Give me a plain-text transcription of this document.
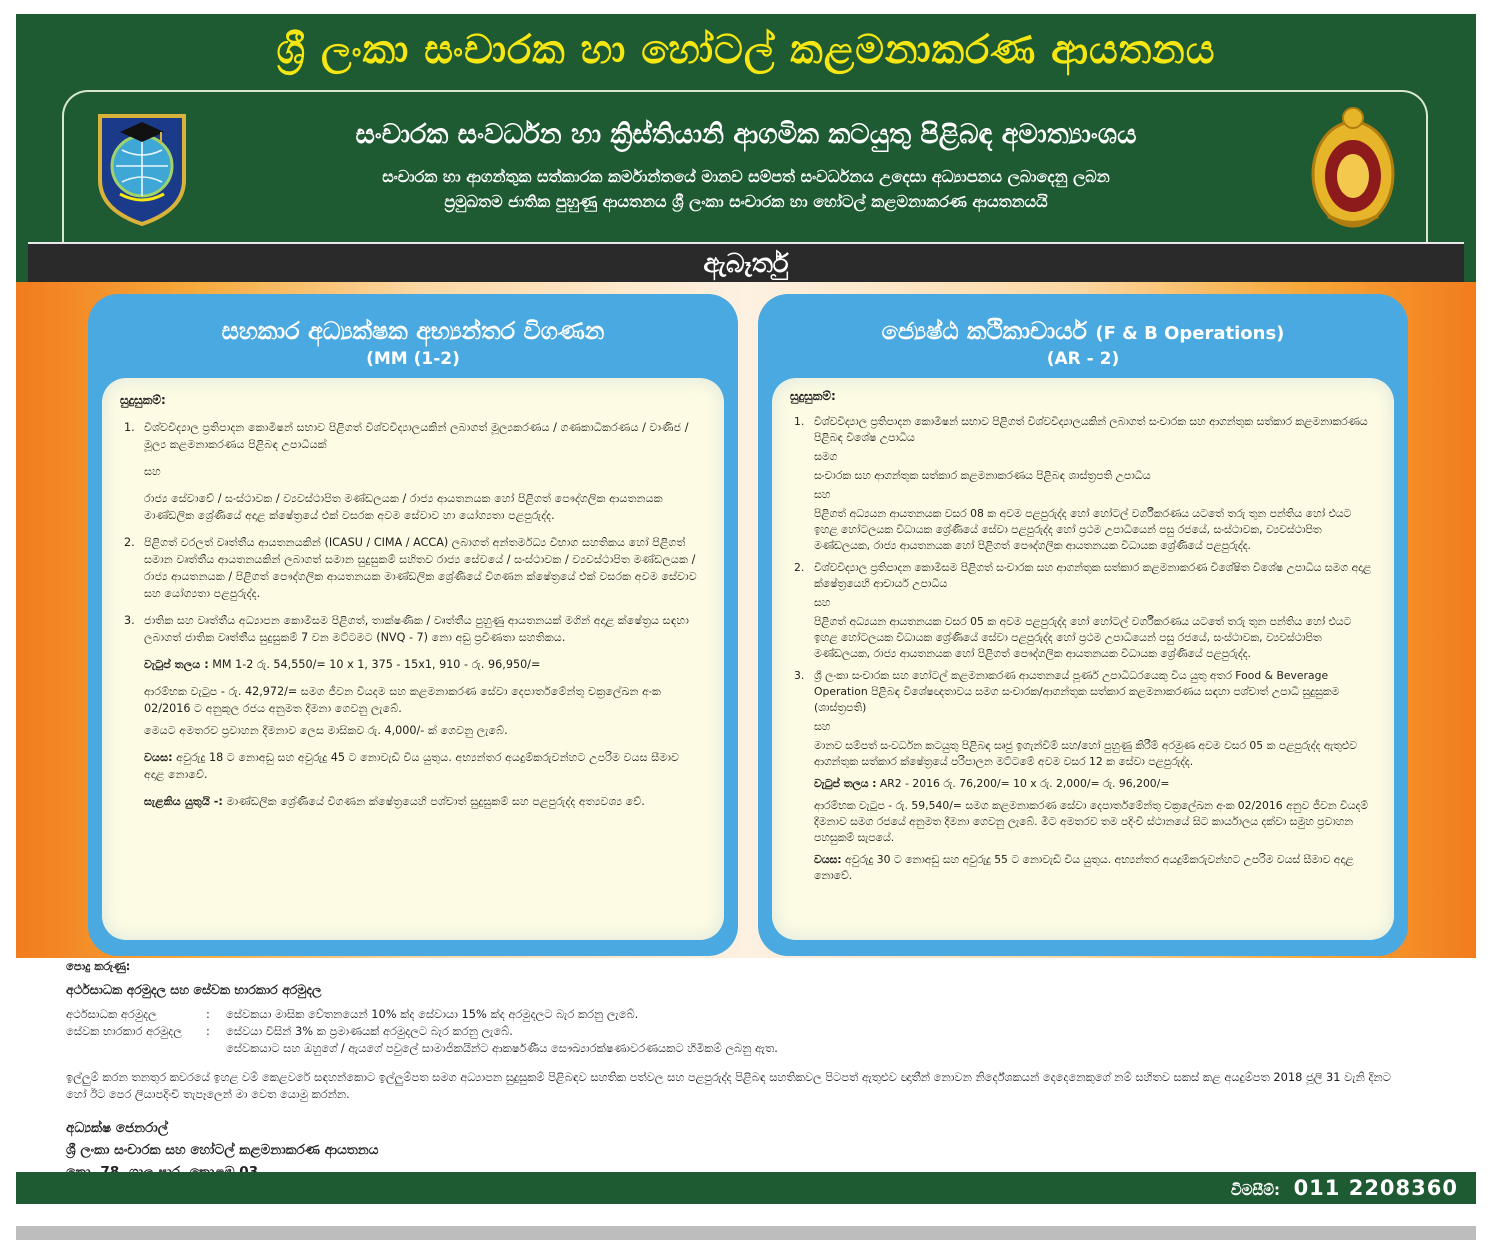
ශ්‍රී ලංකා සංචාරක හා හෝටල් කළමනාකරණ ආයතනය
සංචාරක සංවර්ධන හා ක්‍රිස්තියානි ආගමික කටයුතු පිළිබඳ අමාත්‍යාංශය
සංචාරක හා ආගන්තුක සත්කාරක කර්මාන්තයේ මානව සම්පත් සංවර්ධනය උදෙසා අධ්‍යාපනය ලබාදෙනු ලබන
ප්‍රමුඛතම ජාතික පුහුණු ආයතනය ශ්‍රී ලංකා සංචාරක හා හෝටල් කළමනාකරණ ආයතනයයි
ඇබෑර්තු
සහකාර අධ්‍යක්ෂක අභ්‍යන්තර විගණන
(MM (1-2)
සුදුසුකම්:
1. විශ්වවිද්‍යාල ප්‍රතිපාදන කොමිෂන් සභාව පිළිගත් විශ්වවිද්‍යාලයකින් ලබාගත් මූල්‍යකරණය / ගණකාධිකරණය / වාණිජ / මූල්‍ය කළමනාකරණය පිළිබඳ උපාධියක්

සහ

රාජ්‍ය සේවාවේ / සංස්ථාවක / ව්‍යවස්ථාපිත මණ්ඩලයක / රාජ්‍ය ආයතනයක හෝ පිළිගත් පෞද්ගලික ආයතනයක මාණ්ඩලික ශ්‍රේණියේ අදාළ ක්ෂේත්‍රයේ එක් වසරක අවම සේවාව හා යෝග්‍යතා පළපුරුද්ද.

2. පිළිගත් වරලත් වෘත්තීය ආයතනයකින් (ICASU / CIMA / ACCA) ලබාගත් අන්තර්මධ්‍ය විභාග සහතිකය හෝ පිළිගත් සමාන වෘත්තීය ආයතනයකින් ලබාගත් සමාන සුදුසුකම් සහිතව රාජ්‍ය සේවයේ / සංස්ථාවක / ව්‍යවස්ථාපිත මණ්ඩලයක / රාජ්‍ය ආයතනයක / පිළිගත් පෞද්ගලික ආයතනයක මාණ්ඩලික ශ්‍රේණියේ විගණන ක්ෂේත්‍රයේ එක් වසරක අවම සේවාව සහ යෝග්‍යතා පළපුරුද්ද.

3. ජාතික සහ වෘත්තීය අධ්‍යාපන කොමිසම පිළිගත්, තාක්ෂණික / වෘත්තීය පුහුණු ආයතනයක් මගින් අදාළ ක්ෂේත්‍රය සඳහා ලබාගත් ජාතික වෘත්තීය සුදුසුකම් 7 වන මට්ටමට (NVQ - 7) නො අඩු ප්‍රවීණතා සහතිකය.

වැටුප් තලය : MM 1-2 රු. 54,550/= 10 x 1, 375 - 15x1, 910 - රු. 96,950/=

ආරම්භක වැටුප - රු. 42,972/= සමග ජීවන වියදම සහ කළමනාකරණ සේවා දෙපාර්තමේන්තු චක්‍රලේඛන අංක 02/2016 ට අනුකූල රජය අනුමත දීමනා ගෙවනු ලැබේ.

මෙයට අමතරව ප්‍රවාහන දීමනාව ලෙස මාසිකව රු. 4,000/- ක් ගෙවනු ලැබේ.

වයස: අවුරුදු 18 ට නොඅඩු සහ අවුරුදු 45 ට නොවැඩි විය යුතුය. අභ්‍යන්තර අයදුම්කරුවන්හට උපරිම වයස සීමාව අදාළ නොවේ.
සැළකිය යුතුයි -: මාණ්ඩලික ශ්‍රේණියේ විගණන ක්ෂේත්‍රයෙහි පශ්චාත් සුදුසුකම් සහ පළපුරුද්ද අත්‍යවශ්‍ය වේ.
ජ්‍යෙෂ්ඨ කථිකාචාර්ය (F & B Operations)
(AR - 2)
සුදුසුකම්:
1. විශ්වවිද්‍යාල ප්‍රතිපාදන කොමිෂන් සභාව පිළිගත් විශ්වවිද්‍යාලයකින් ලබාගත් සංචාරක සහ ආගන්තුක සත්කාර කළමනාකරණය පිළිබඳ විශේෂ උපාධිය

සමග

සංචාරක සහ ආගන්තුක සත්කාර කළමනාකරණය පිළිබඳ ශාස්ත්‍රපති උපාධිය

සහ

පිළිගත් අධ්‍යයන ආයතනයක වසර 08 ක අවම පළපුරුද්ද හෝ හෝටල් වර්ගීකරණය යටතේ තරු තුන පන්තිය හෝ එයට ඉහළ හෝටලයක විධායක ශ්‍රේණියේ සේවා පළපුරුද්ද හෝ ප්‍රථම උපාධියෙන් පසු රජයේ, සංස්ථාවක, ව්‍යවස්ථාපිත මණ්ඩලයක, රාජ්‍ය ආයතනයක හෝ පිළිගත් පෞද්ගලික ආයතනයක විධායක ශ්‍රේණියේ පළපුරුද්ද.

2. විශ්වවිද්‍යාල ප්‍රතිපාදන කොමිසම පිළිගත් සංචාරක සහ ආගන්තුක සත්කාර කළමනාකරණ විශේෂිත විශේෂ උපාධිය සමග අදාළ ක්ෂේත්‍රයෙහි ආචාර්ය උපාධිය

සහ

පිළිගත් අධ්‍යයන ආයතනයක වසර 05 ක අවම පළපුරුද්ද හෝ හෝටල් වර්ගීකරණය යටතේ තරු තුන පන්තිය හෝ එයට ඉහළ හෝටලයක විධායක ශ්‍රේණියේ සේවා පළපුරුද්ද හෝ ප්‍රථම උපාධියෙන් පසු රජයේ, සංස්ථාවක, ව්‍යවස්ථාපිත මණ්ඩලයක, රාජ්‍ය ආයතනයක හෝ පිළිගත් පෞද්ගලික ආයතනයක විධායක ශ්‍රේණියේ පළපුරුද්ද.

3. ශ්‍රී ලංකා සංචාරක සහ හෝටල් කළමනාකරණ ආයතනයේ පූර්ණ උපාධිධරයෙකු විය යුතු අතර Food & Beverage Operation පිළිබඳ විශේෂඥතාවය සමග සංචාරක/ආගන්තුක සත්කාර කළමනාකරණය සඳහා පශ්චාත් උපාධි සුදුසුකම (ශාස්ත්‍රපති)

සහ

මානව සම්පත් සංවර්ධන කටයුතු පිළිබඳ සෘජු ඉගැන්වීම් සහ/හෝ පුහුණු කිරීම් අරමුණ අවම වසර 05 ක පළපුරුද්ද ඇතුළුව ආගන්තුක සත්කාර ක්ෂේත්‍රයේ පරිපාලන මට්ටමේ අවම වසර 12 ක සේවා පළපුරුද්ද.

වැටුප් තලය : AR2 - 2016 රු. 76,200/= 10 x රු. 2,000/= රු. 96,200/=

ආරම්භක වැටුප - රු. 59,540/= සමග කළමනාකරණ සේවා දෙපාර්තමේන්තු චක්‍රලේඛන අංක 02/2016 අනුව ජීවන වියදම් දීමනාව සමග රජයේ අනුමත දීමනා ගෙවනු ලැබේ. මීට අමතරව තම පදිංචි ස්ථානයේ සිට කාර්යාලය දක්වා සමුහ ප්‍රවාහන පහසුකම් සැපයේ.

වයස: අවුරුදු 30 ට නොඅඩු සහ අවුරුදු 55 ට නොවැඩි විය යුතුය. අභ්‍යන්තර අයදුම්කරුවන්හට උපරිම වයස් සීමාව අදාළ නොවේ.
පොදු කරුණු:
අර්ථසාධක අරමුදල සහ සේවක භාරකාර අරමුදල
අර්ථසාධක අරමුදල	:	සේවකයා මාසික වේතනයෙන් 10% ක්ද සේවායා 15% ක්ද අරමුදලට බැර කරනු ලැබේ.
සේවක භාරකාර අරමුදල	:	සේවයා විසින් 3% ක ප්‍රමාණයක් අරමුදලට බැර කරනු ලැබේ.
සේවකයාට සහ ඔහුගේ / ඇයගේ පවුලේ සාමාජිකයින්ට ආකර්ෂණීය සෞඛ්‍යාරක්ෂණාවරණයකට හිමිකම් ලබනු ඇත.

ඉල්ලුම් කරන තනතුර කවරයේ ඉහළ වම් කෙළවරේ සඳහන්කොට ඉල්ලුම්පත සමග අධ්‍යාපන සුදුසුකම් පිළිබඳව සහතික පත්වල සහ පළපුරුද්ද පිළිබඳ සහතිකවල පිටපත් ඇතුළුව ඥාතීන් නොවන නිර්දේශකයන් දෙදෙනෙකුගේ නම් සහිතව සකස් කළ අයදුම්පත 2018 ජූලි 31 වැනි දිනට හෝ ඊට පෙර ලියාපදිංචි තැපෑලෙන් මා වෙත යොමු කරන්න.

අධ්‍යක්ෂ ජෙනරාල්
ශ්‍රී ලංකා සංචාරක සහ හෝටල් කළමනාකරණ ආයතනය
විමසීම්: 011 2208360
